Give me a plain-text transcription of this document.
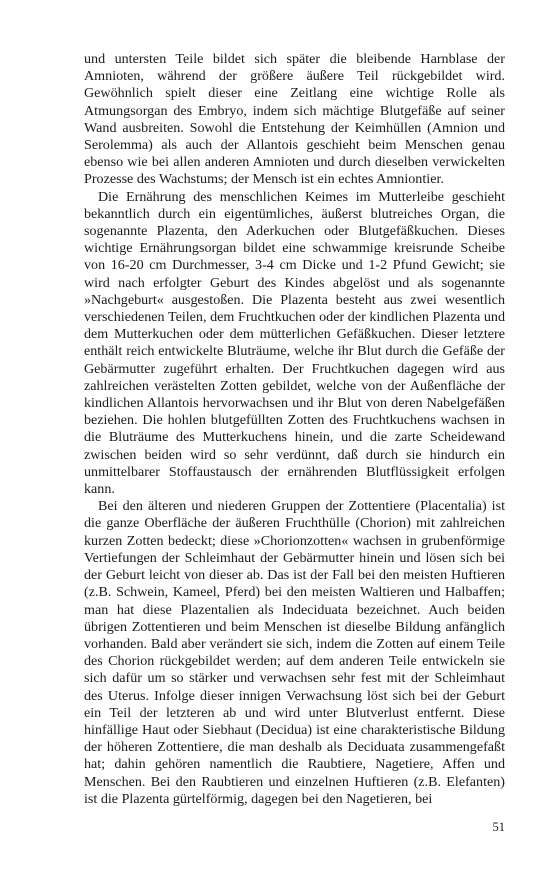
und untersten Teile bildet sich später die bleibende Harnblase der Amnioten, während der größere äußere Teil rückgebildet wird. Gewöhnlich spielt dieser eine Zeitlang eine wichtige Rolle als Atmungsorgan des Embryo, indem sich mächtige Blutgefäße auf seiner Wand ausbreiten. Sowohl die Entstehung der Keimhüllen (Amnion und Serolemma) als auch der Allantois geschieht beim Menschen genau ebenso wie bei allen anderen Amnioten und durch dieselben verwickelten Prozesse des Wachstums; der Mensch ist ein echtes Amniontier.

Die Ernährung des menschlichen Keimes im Mutterleibe geschieht bekanntlich durch ein eigentümliches, äußerst blutreiches Organ, die sogenannte Plazenta, den Aderkuchen oder Blutgefäßkuchen. Dieses wichtige Ernährungsorgan bildet eine schwammige kreisrunde Scheibe von 16-20 cm Durchmesser, 3-4 cm Dicke und 1-2 Pfund Gewicht; sie wird nach erfolgter Geburt des Kindes abgelöst und als sogenannte »Nachgeburt« ausgestoßen. Die Plazenta besteht aus zwei wesentlich verschiedenen Teilen, dem Fruchtkuchen oder der kindlichen Plazenta und dem Mutterkuchen oder dem mütterlichen Gefäßkuchen. Dieser letztere enthält reich entwickelte Bluträume, welche ihr Blut durch die Gefäße der Gebärmutter zugeführt erhalten. Der Fruchtkuchen dagegen wird aus zahlreichen verästelten Zotten gebildet, welche von der Außenfläche der kindlichen Allantois hervorwachsen und ihr Blut von deren Nabelgefäßen beziehen. Die hohlen blutgefüllten Zotten des Fruchtkuchens wachsen in die Bluträume des Mutterkuchens hinein, und die zarte Scheidewand zwischen beiden wird so sehr verdünnt, daß durch sie hindurch ein unmittelbarer Stoffaustausch der ernährenden Blutflüssigkeit erfolgen kann.

Bei den älteren und niederen Gruppen der Zottentiere (Placentalia) ist die ganze Oberfläche der äußeren Fruchthülle (Chorion) mit zahlreichen kurzen Zotten bedeckt; diese »Chorionzotten« wachsen in grubenförmige Vertiefungen der Schleimhaut der Gebärmutter hinein und lösen sich bei der Geburt leicht von dieser ab. Das ist der Fall bei den meisten Huftieren (z.B. Schwein, Kameel, Pferd) bei den meisten Waltieren und Halbaffen; man hat diese Plazentalien als Indeciduata bezeichnet. Auch beiden übrigen Zottentieren und beim Menschen ist dieselbe Bildung anfänglich vorhanden. Bald aber verändert sie sich, indem die Zotten auf einem Teile des Chorion rückgebildet werden; auf dem anderen Teile entwickeln sie sich dafür um so stärker und verwachsen sehr fest mit der Schleimhaut des Uterus. Infolge dieser innigen Verwachsung löst sich bei der Geburt ein Teil der letzteren ab und wird unter Blutverlust entfernt. Diese hinfällige Haut oder Siebhaut (Decidua) ist eine charakteristische Bildung der höheren Zottentiere, die man deshalb als Deciduata zusammengefaßt hat; dahin gehören namentlich die Raubtiere, Nagetiere, Affen und Menschen. Bei den Raubtieren und einzelnen Huftieren (z.B. Elefanten) ist die Plazenta gürtelförmig, dagegen bei den Nagetieren, bei

51
